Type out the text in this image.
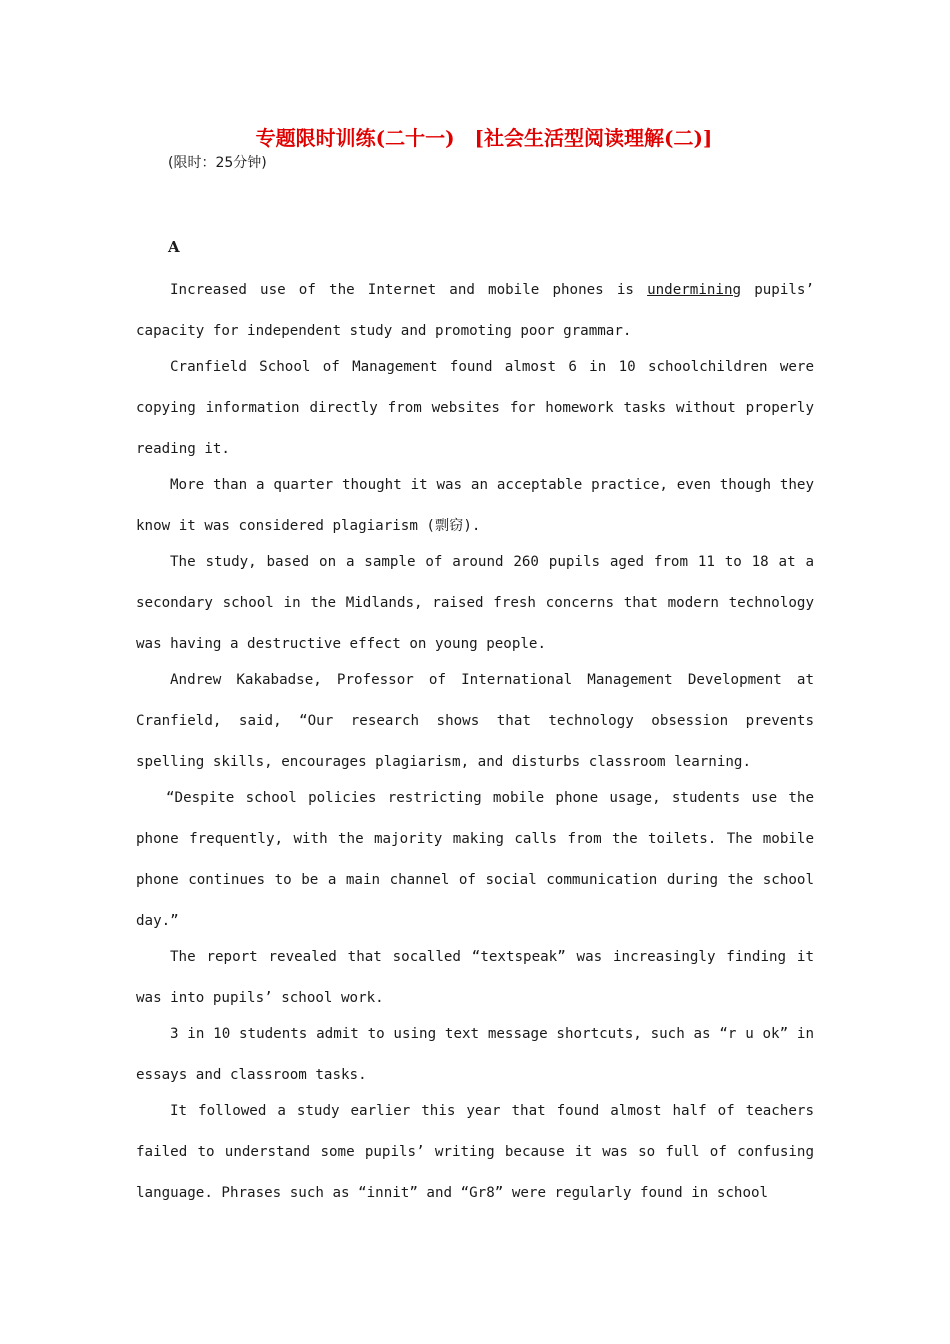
专题限时训练(二十一)　[社会生活型阅读理解(二)]
(限时：25分钟)
A

Increased use of the Internet and mobile phones is undermining pupils’ capacity for independent study and promoting poor grammar.

Cranfield School of Management found almost 6 in 10 schoolchildren were copying information directly from websites for homework tasks without properly reading it.

More than a quarter thought it was an acceptable practice, even though they know it was considered plagiarism (剽窃).

The study, based on a sample of around 260 pupils aged from 11 to 18 at a secondary school in the Midlands, raised fresh concerns that modern technology was having a destructive effect on young people.

Andrew Kakabadse, Professor of International Management Development at Cranfield, said, “Our research shows that technology obsession prevents spelling skills, encourages plagiarism, and disturbs classroom learning.

“Despite school policies restricting mobile phone usage, students use the phone frequently, with the majority making calls from the toilets. The mobile phone continues to be a main channel of social communication during the school day.”

The report revealed that socalled “textspeak” was increasingly finding it was into pupils’ school work.

3 in 10 students admit to using text message shortcuts, such as “r u ok” in essays and classroom tasks.

It followed a study earlier this year that found almost half of teachers failed to understand some pupils’ writing because it was so full of confusing language. Phrases such as “innit” and “Gr8” were regularly found in school
